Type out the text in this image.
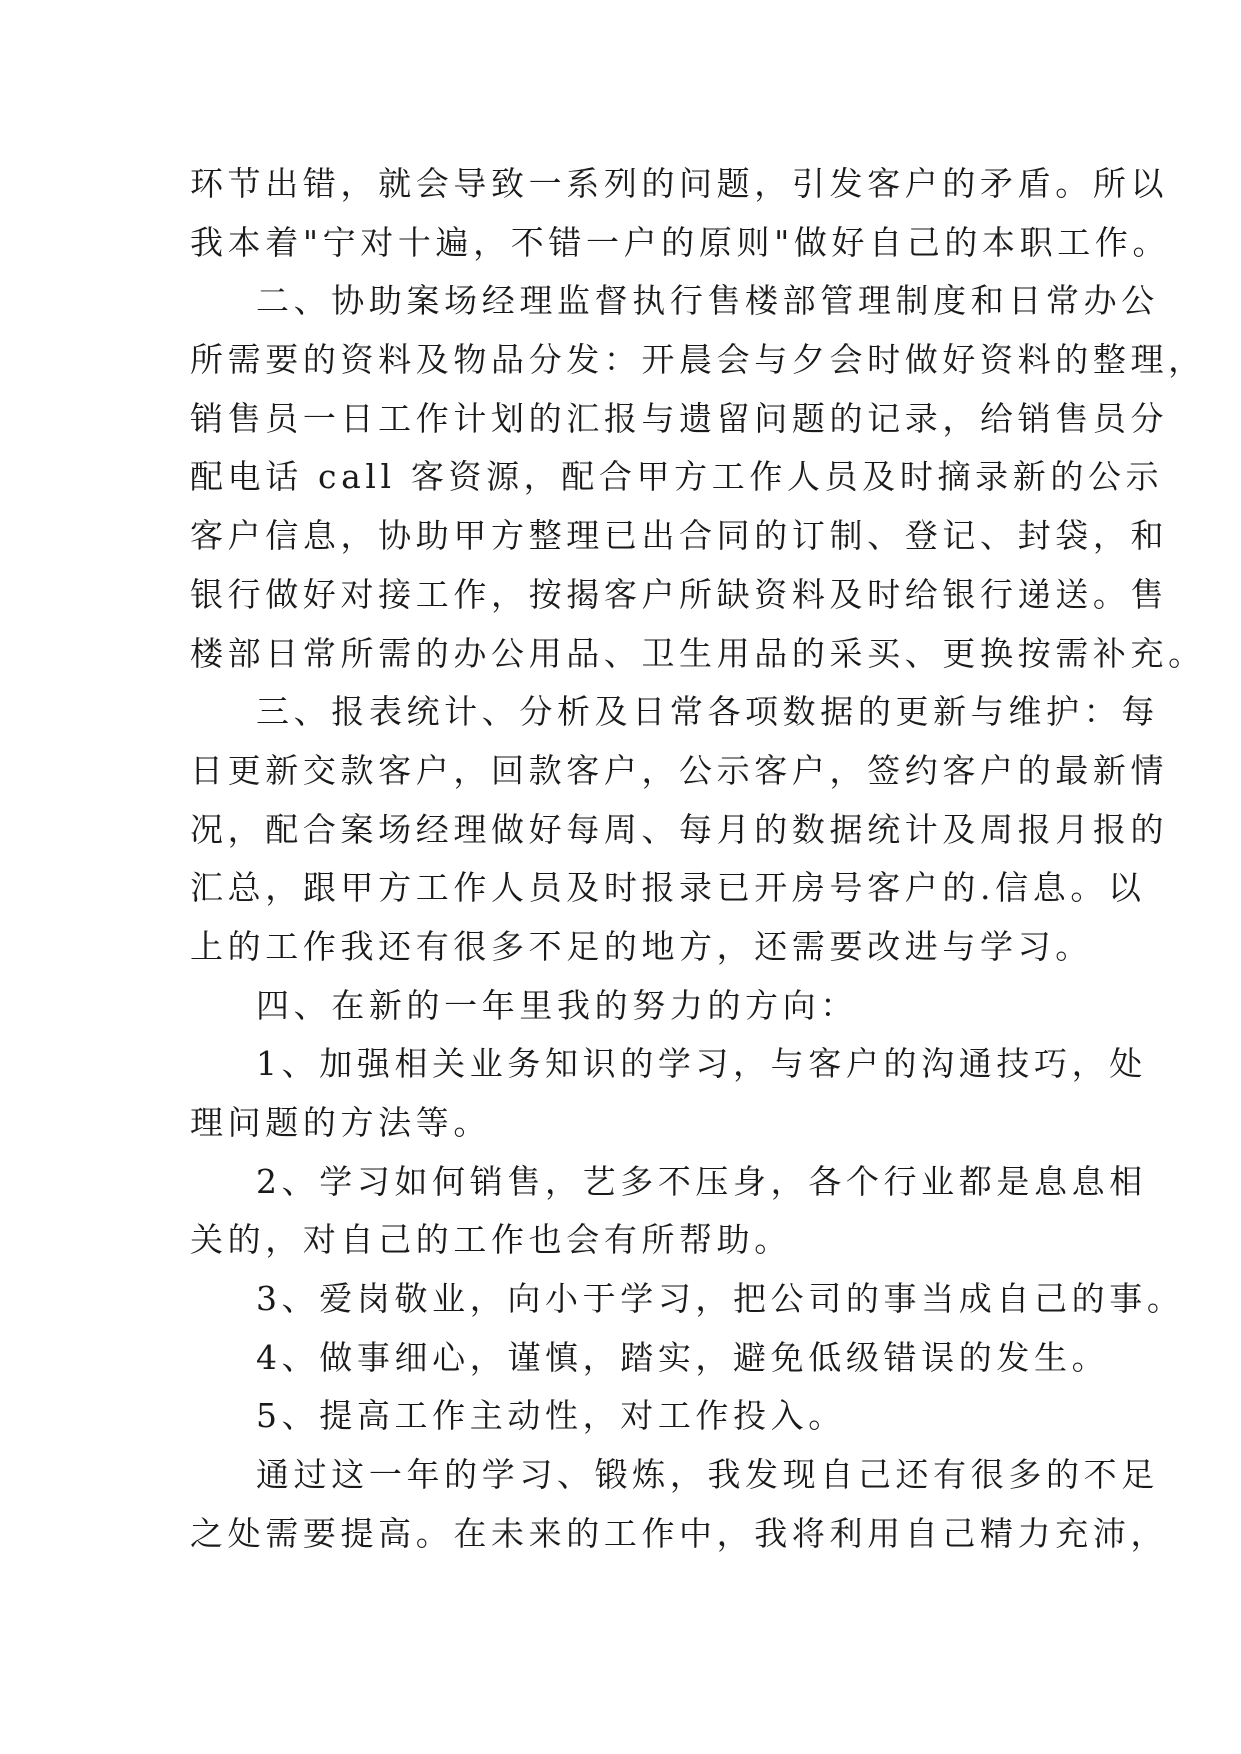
环节出错，就会导致一系列的问题，引发客户的矛盾。所以
我本着"宁对十遍，不错一户的原则"做好自己的本职工作。
二、协助案场经理监督执行售楼部管理制度和日常办公
所需要的资料及物品分发：开晨会与夕会时做好资料的整理，
销售员一日工作计划的汇报与遗留问题的记录，给销售员分
配电话 call 客资源，配合甲方工作人员及时摘录新的公示
客户信息，协助甲方整理已出合同的订制、登记、封袋，和
银行做好对接工作，按揭客户所缺资料及时给银行递送。售
楼部日常所需的办公用品、卫生用品的采买、更换按需补充。
三、报表统计、分析及日常各项数据的更新与维护：每
日更新交款客户，回款客户，公示客户，签约客户的最新情
况，配合案场经理做好每周、每月的数据统计及周报月报的
汇总，跟甲方工作人员及时报录已开房号客户的.信息。以
上的工作我还有很多不足的地方，还需要改进与学习。
四、在新的一年里我的努力的方向：
1、加强相关业务知识的学习，与客户的沟通技巧，处
理问题的方法等。
2、学习如何销售，艺多不压身，各个行业都是息息相
关的，对自己的工作也会有所帮助。
3、爱岗敬业，向小于学习，把公司的事当成自己的事。
4、做事细心，谨慎，踏实，避免低级错误的发生。
5、提高工作主动性，对工作投入。
通过这一年的学习、锻炼，我发现自己还有很多的不足
之处需要提高。在未来的工作中，我将利用自己精力充沛，
